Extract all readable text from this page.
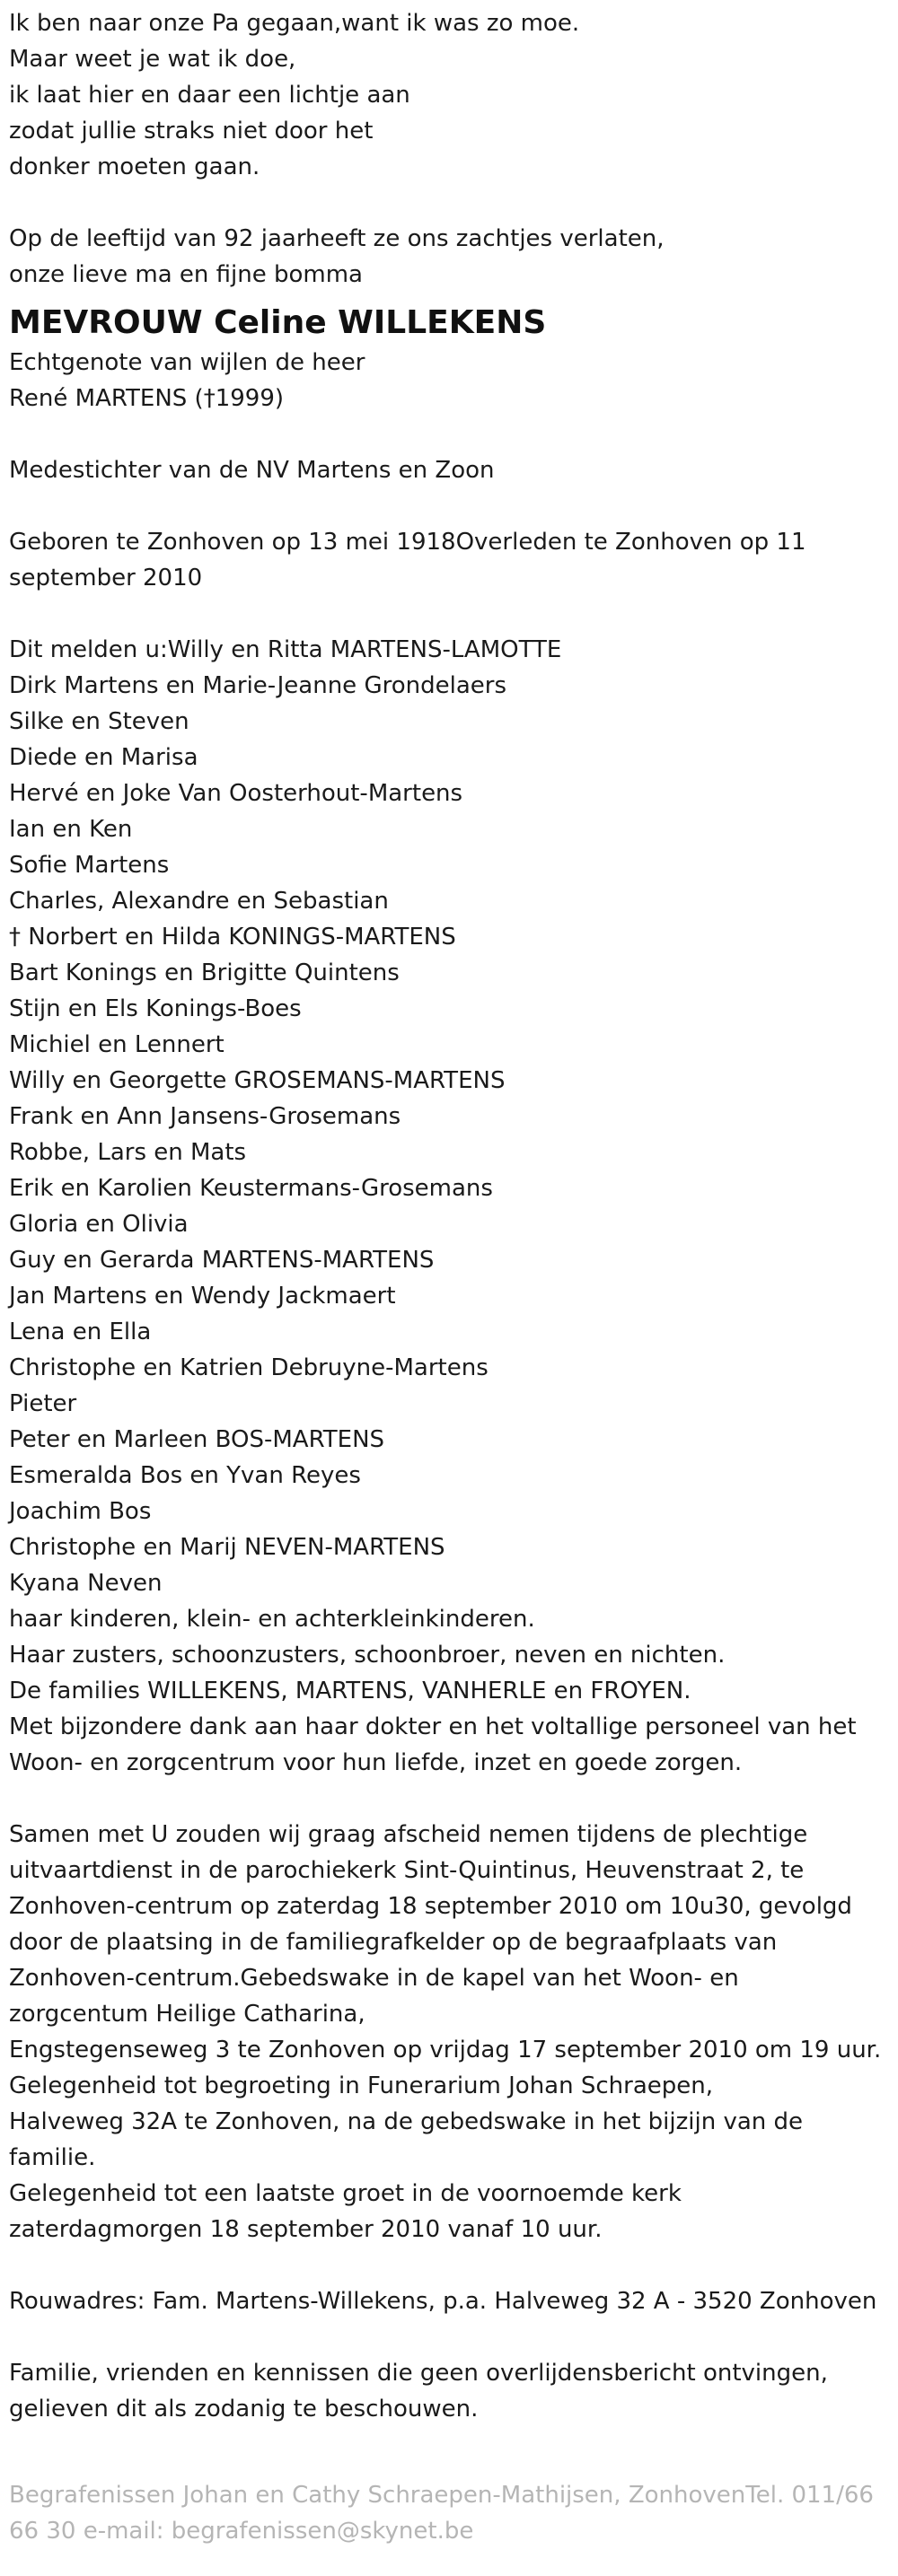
Ik ben naar onze Pa gegaan,want ik was zo moe.

Maar weet je wat ik doe,

ik laat hier en daar een lichtje aan

zodat jullie straks niet door het

donker moeten gaan.

Op de leeftijd van 92 jaarheeft ze ons zachtjes verlaten,

onze lieve ma en fijne bomma

MEVROUW Celine WILLEKENS

Echtgenote van wijlen de heer

René MARTENS (†1999)

Medestichter van de NV Martens en Zoon

Geboren te Zonhoven op 13 mei 1918Overleden te Zonhoven op 11

september 2010

Dit melden u:Willy en Ritta MARTENS-LAMOTTE

Dirk Martens en Marie-Jeanne Grondelaers

Silke en Steven

Diede en Marisa

Hervé en Joke Van Oosterhout-Martens

Ian en Ken

Sofie Martens

Charles, Alexandre en Sebastian

† Norbert en Hilda KONINGS-MARTENS

Bart Konings en Brigitte Quintens

Stijn en Els Konings-Boes

Michiel en Lennert

Willy en Georgette GROSEMANS-MARTENS

Frank en Ann Jansens-Grosemans

Robbe, Lars en Mats

Erik en Karolien Keustermans-Grosemans

Gloria en Olivia

Guy en Gerarda MARTENS-MARTENS

Jan Martens en Wendy Jackmaert

Lena en Ella

Christophe en Katrien Debruyne-Martens

Pieter

Peter en Marleen BOS-MARTENS

Esmeralda Bos en Yvan Reyes

Joachim Bos

Christophe en Marij NEVEN-MARTENS

Kyana Neven

haar kinderen, klein- en achterkleinkinderen.

Haar zusters, schoonzusters, schoonbroer, neven en nichten.

De families WILLEKENS, MARTENS, VANHERLE en FROYEN.

Met bijzondere dank aan haar dokter en het voltallige personeel van het

Woon- en zorgcentrum voor hun liefde, inzet en goede zorgen.

Samen met U zouden wij graag afscheid nemen tijdens de plechtige

uitvaartdienst in de parochiekerk Sint-Quintinus, Heuvenstraat 2, te

Zonhoven-centrum op zaterdag 18 september 2010 om 10u30, gevolgd

door de plaatsing in de familiegrafkelder op de begraafplaats van

Zonhoven-centrum.Gebedswake in de kapel van het Woon- en

zorgcentum Heilige Catharina,

Engstegenseweg 3 te Zonhoven op vrijdag 17 september 2010 om 19 uur.

Gelegenheid tot begroeting in Funerarium Johan Schraepen,

Halveweg 32A te Zonhoven, na de gebedswake in het bijzijn van de

familie.

Gelegenheid tot een laatste groet in de voornoemde kerk

zaterdagmorgen 18 september 2010 vanaf 10 uur.

Rouwadres: Fam. Martens-Willekens, p.a. Halveweg 32 A - 3520 Zonhoven

Familie, vrienden en kennissen die geen overlijdensbericht ontvingen,

gelieven dit als zodanig te beschouwen.

Begrafenissen Johan en Cathy Schraepen-Mathijsen, ZonhovenTel. 011/66
66 30 e-mail: begrafenissen@skynet.be
